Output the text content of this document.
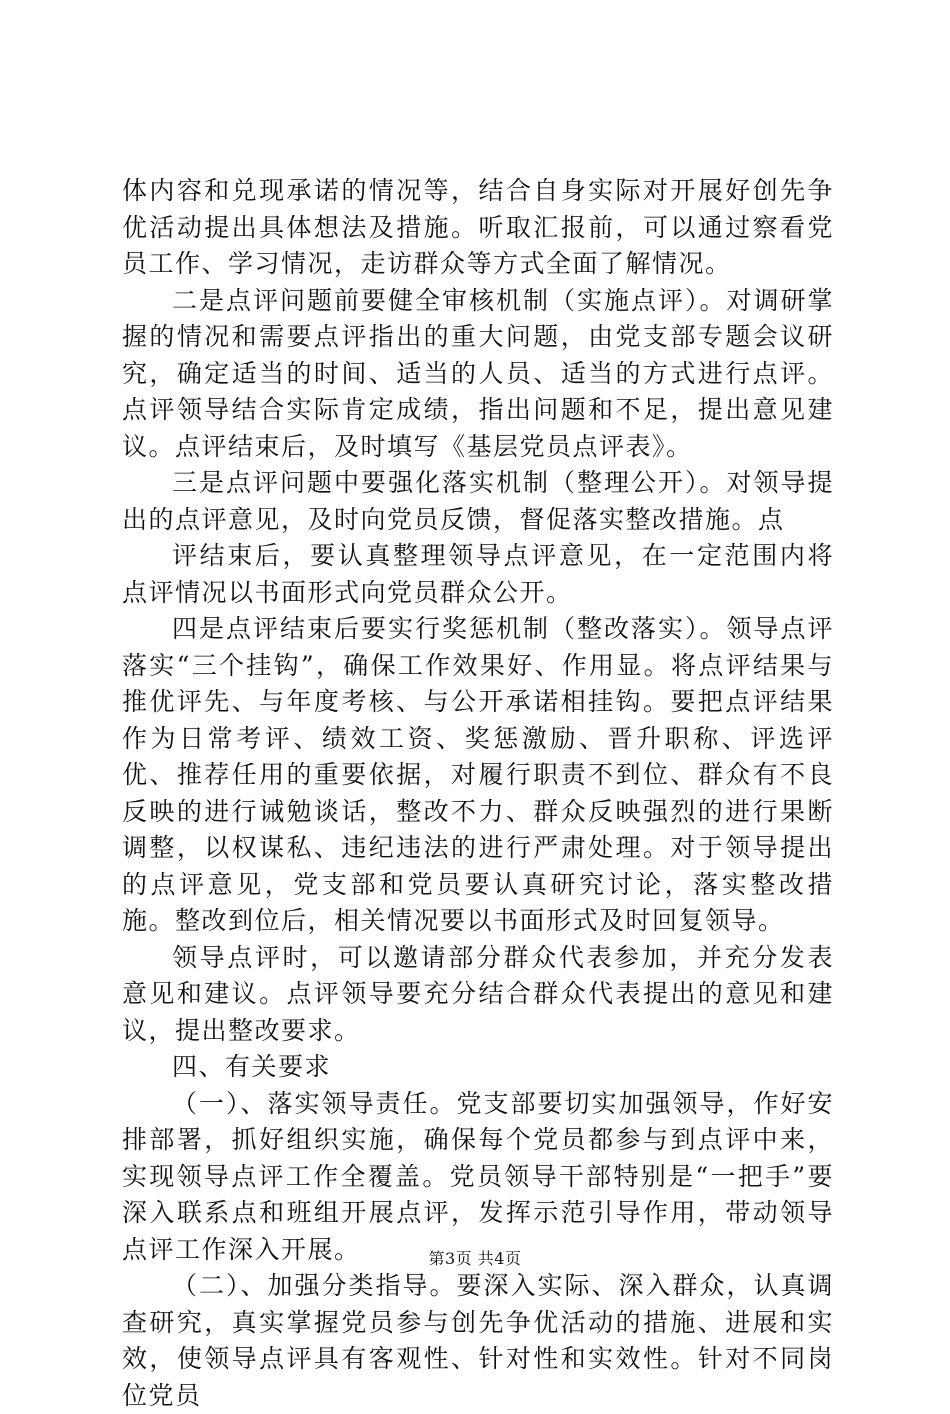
体内容和兑现承诺的情况等，结合自身实际对开展好创先争优活动提出具体想法及措施。听取汇报前，可以通过察看党员工作、学习情况，走访群众等方式全面了解情况。

二是点评问题前要健全审核机制（实施点评）。对调研掌握的情况和需要点评指出的重大问题，由党支部专题会议研究，确定适当的时间、适当的人员、适当的方式进行点评。点评领导结合实际肯定成绩，指出问题和不足，提出意见建议。点评结束后，及时填写《基层党员点评表》。

三是点评问题中要强化落实机制（整理公开）。对领导提出的点评意见，及时向党员反馈，督促落实整改措施。点

评结束后，要认真整理领导点评意见，在一定范围内将点评情况以书面形式向党员群众公开。

四是点评结束后要实行奖惩机制（整改落实）。领导点评落实“三个挂钩”，确保工作效果好、作用显。将点评结果与推优评先、与年度考核、与公开承诺相挂钩。要把点评结果作为日常考评、绩效工资、奖惩激励、晋升职称、评选评优、推荐任用的重要依据，对履行职责不到位、群众有不良反映的进行诫勉谈话，整改不力、群众反映强烈的进行果断调整，以权谋私、违纪违法的进行严肃处理。对于领导提出的点评意见，党支部和党员要认真研究讨论，落实整改措施。整改到位后，相关情况要以书面形式及时回复领导。

领导点评时，可以邀请部分群众代表参加，并充分发表意见和建议。点评领导要充分结合群众代表提出的意见和建议，提出整改要求。

四、有关要求

（一）、落实领导责任。党支部要切实加强领导，作好安排部署，抓好组织实施，确保每个党员都参与到点评中来，实现领导点评工作全覆盖。党员领导干部特别是“一把手”要深入联系点和班组开展点评，发挥示范引导作用，带动领导点评工作深入开展。

（二）、加强分类指导。要深入实际、深入群众，认真调查研究，真实掌握党员参与创先争优活动的措施、进展和实效，使领导点评具有客观性、针对性和实效性。针对不同岗位党员

第3页 共4页
